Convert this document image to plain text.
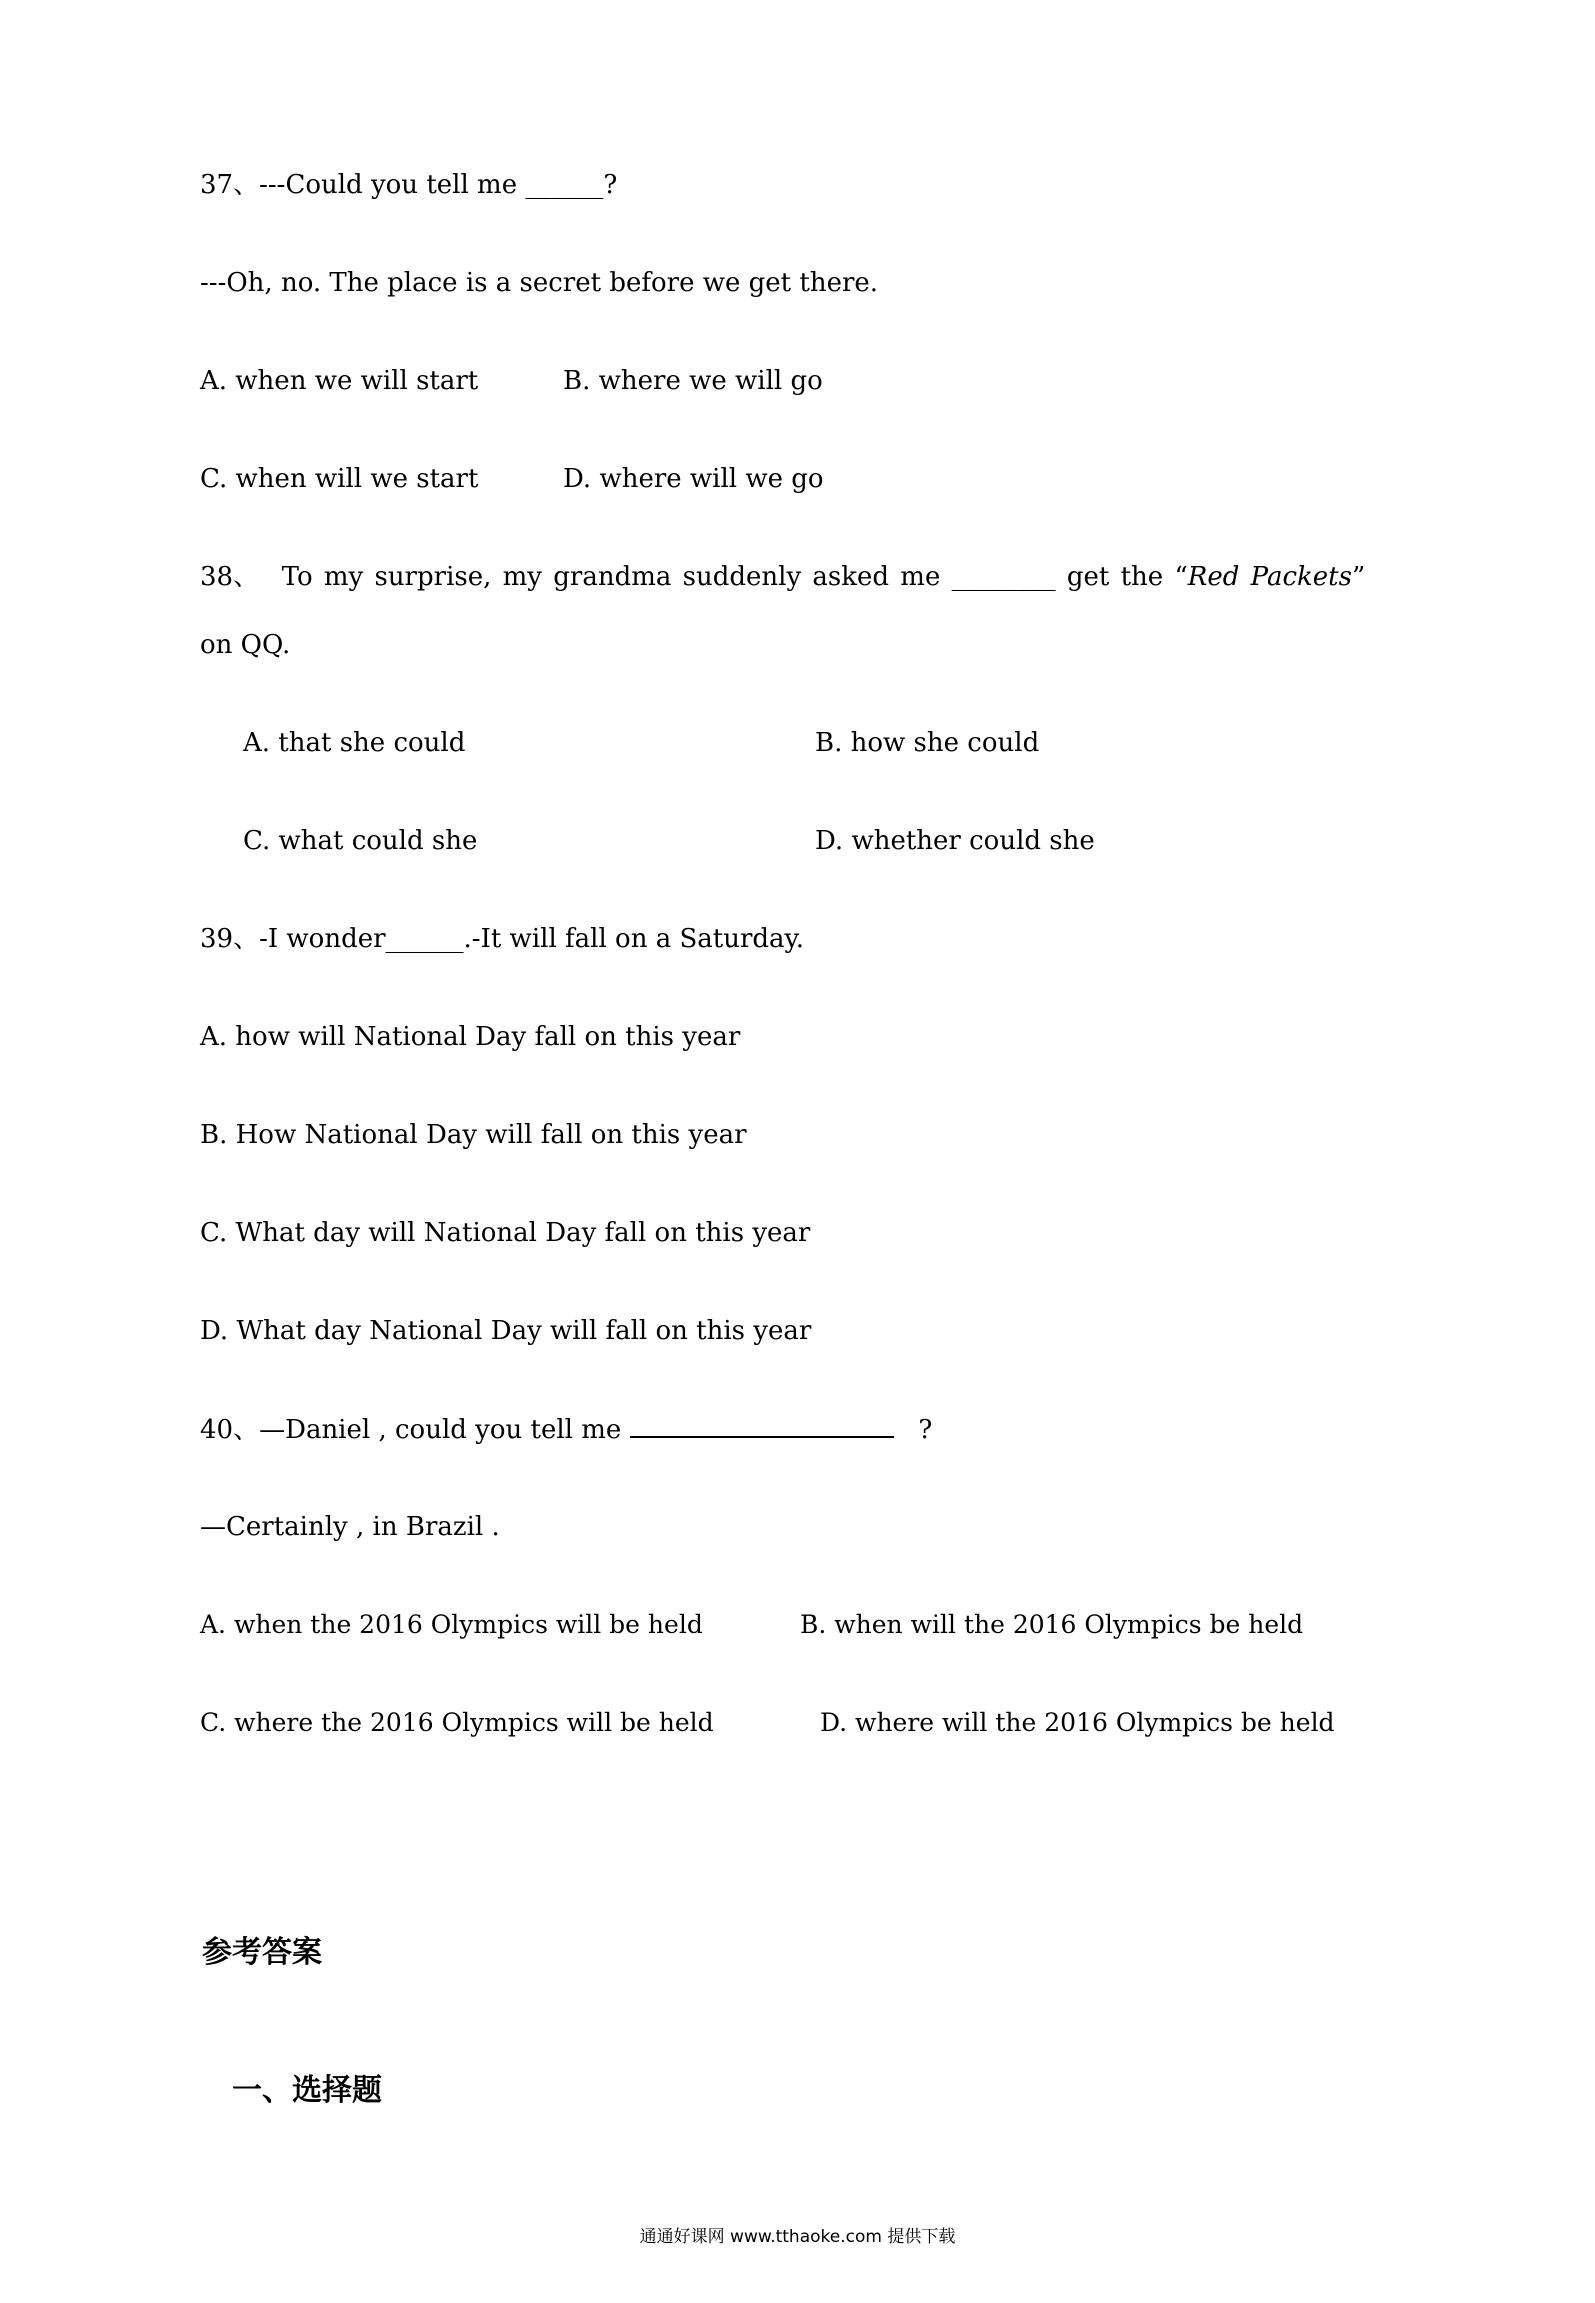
37、---Could you tell me ______?
---Oh, no. The place is a secret before we get there.
A. when we will start	B. where we will go
C. when will we start	D. where will we go
38、 To my surprise, my grandma suddenly asked me ________ get the “Red Packets”
on QQ.
A. that she could	B. how she could
C. what could she	D. whether could she
39、-I wonder______.-It will fall on a Saturday.
A. how will National Day fall on this year
B. How National Day will fall on this year
C. What day will National Day fall on this year
D. What day National Day will fall on this year
40、—Daniel , could you tell me	?
—Certainly , in Brazil .
A. when the 2016 Olympics will be held	B. when will the 2016 Olympics be held
C. where the 2016 Olympics will be held	D. where will the 2016 Olympics be held
参考答案
一、选择题
通通好课网 www.tthaoke.com 提供下载
